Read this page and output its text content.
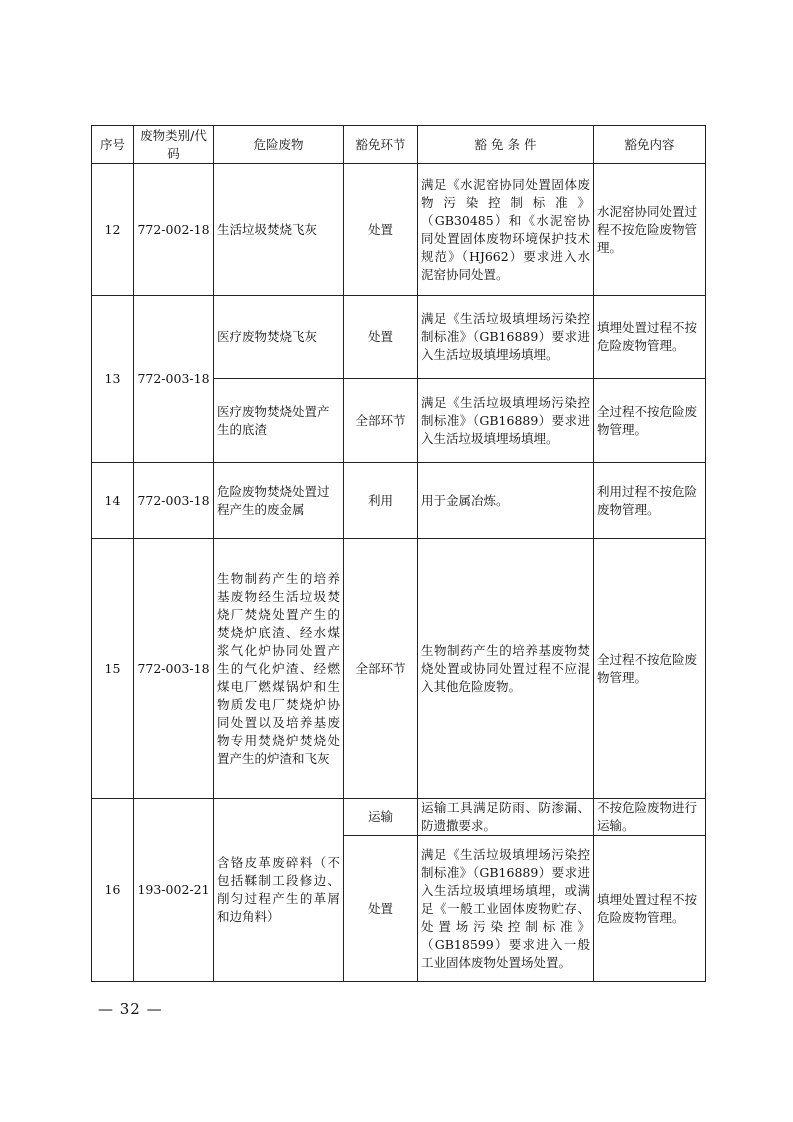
序号	废物类别/代码	危险废物	豁免环节	豁 免 条 件	豁免内容
12	772-002-18	生活垃圾焚烧飞灰	处置	满足《水泥窑协同处置固体废物污染控制标准》（GB30485）和《水泥窑协同处置固体废物环境保护技术规范》（HJ662）要求进入水泥窑协同处置。	水泥窑协同处置过程不按危险废物管理。
13	772-003-18	医疗废物焚烧飞灰	处置	满足《生活垃圾填埋场污染控制标准》（GB16889）要求进入生活垃圾填埋场填埋。	填埋处置过程不按危险废物管理。
		医疗废物焚烧处置产生的底渣	全部环节	满足《生活垃圾填埋场污染控制标准》（GB16889）要求进入生活垃圾填埋场填埋。	全过程不按危险废物管理。
14	772-003-18	危险废物焚烧处置过程产生的废金属	利用	用于金属冶炼。	利用过程不按危险废物管理。
15	772-003-18	生物制药产生的培养基废物经生活垃圾焚烧厂焚烧处置产生的焚烧炉底渣、经水煤浆气化炉协同处置产生的气化炉渣、经燃煤电厂燃煤锅炉和生物质发电厂焚烧炉协同处置以及培养基废物专用焚烧炉焚烧处置产生的炉渣和飞灰	全部环节	生物制药产生的培养基废物焚烧处置或协同处置过程不应混入其他危险废物。	全过程不按危险废物管理。
16	193-002-21	含铬皮革废碎料（不包括鞣制工段修边、削匀过程产生的革屑和边角料）	运输	运输工具满足防雨、防渗漏、防遗撒要求。	不按危险废物进行运输。
			处置	满足《生活垃圾填埋场污染控制标准》（GB16889）要求进入生活垃圾填埋场填埋，或满足《一般工业固体废物贮存、处置场污染控制标准》（GB18599）要求进入一般工业固体废物处置场处置。	填埋处置过程不按危险废物管理。
— 32 —
